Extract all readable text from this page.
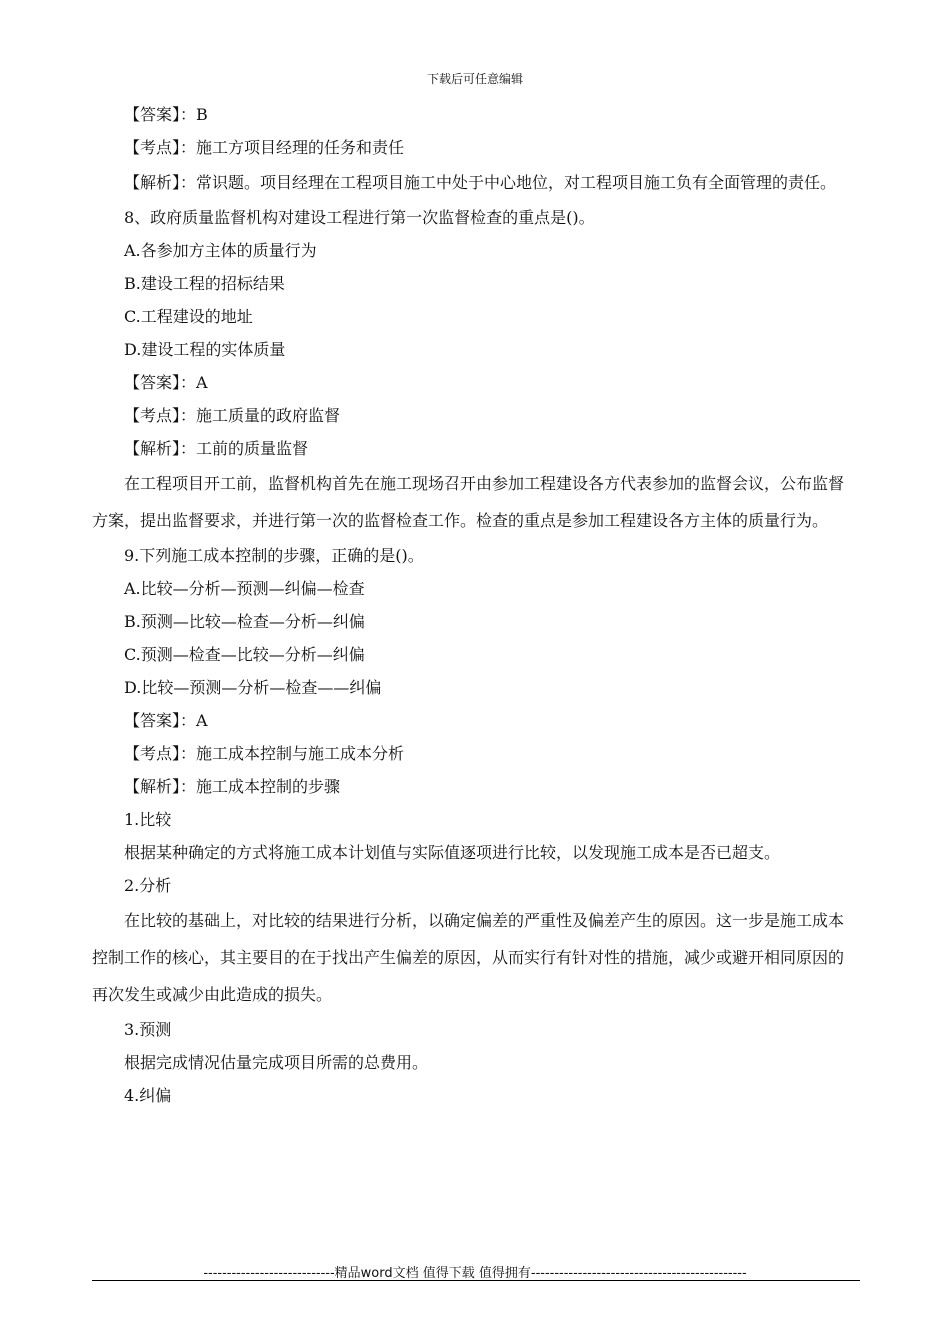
下载后可任意编辑
【答案】：B
【考点】：施工方项目经理的任务和责任
【解析】：常识题。项目经理在工程项目施工中处于中心地位，对工程项目施工负有全面管理的责任。
8、政府质量监督机构对建设工程进行第一次监督检查的重点是()。
A.各参加方主体的质量行为
B.建设工程的招标结果
C.工程建设的地址
D.建设工程的实体质量
【答案】：A
【考点】：施工质量的政府监督
【解析】：工前的质量监督
在工程项目开工前，监督机构首先在施工现场召开由参加工程建设各方代表参加的监督会议，公布监督方案，提出监督要求，并进行第一次的监督检查工作。检查的重点是参加工程建设各方主体的质量行为。
9.下列施工成本控制的步骤，正确的是()。
A.比较—分析—预测—纠偏—检查
B.预测—比较—检查—分析—纠偏
C.预测—检查—比较—分析—纠偏
D.比较—预测—分析—检查——纠偏
【答案】：A
【考点】：施工成本控制与施工成本分析
【解析】：施工成本控制的步骤
1.比较
根据某种确定的方式将施工成本计划值与实际值逐项进行比较，以发现施工成本是否已超支。
2.分析
在比较的基础上，对比较的结果进行分析，以确定偏差的严重性及偏差产生的原因。这一步是施工成本控制工作的核心，其主要目的在于找出产生偏差的原因，从而实行有针对性的措施，减少或避开相同原因的再次发生或减少由此造成的损失。
3.预测
根据完成情况估量完成项目所需的总费用。
4.纠偏
----------------------------精品word文档 值得下载 值得拥有----------------------------------------------
